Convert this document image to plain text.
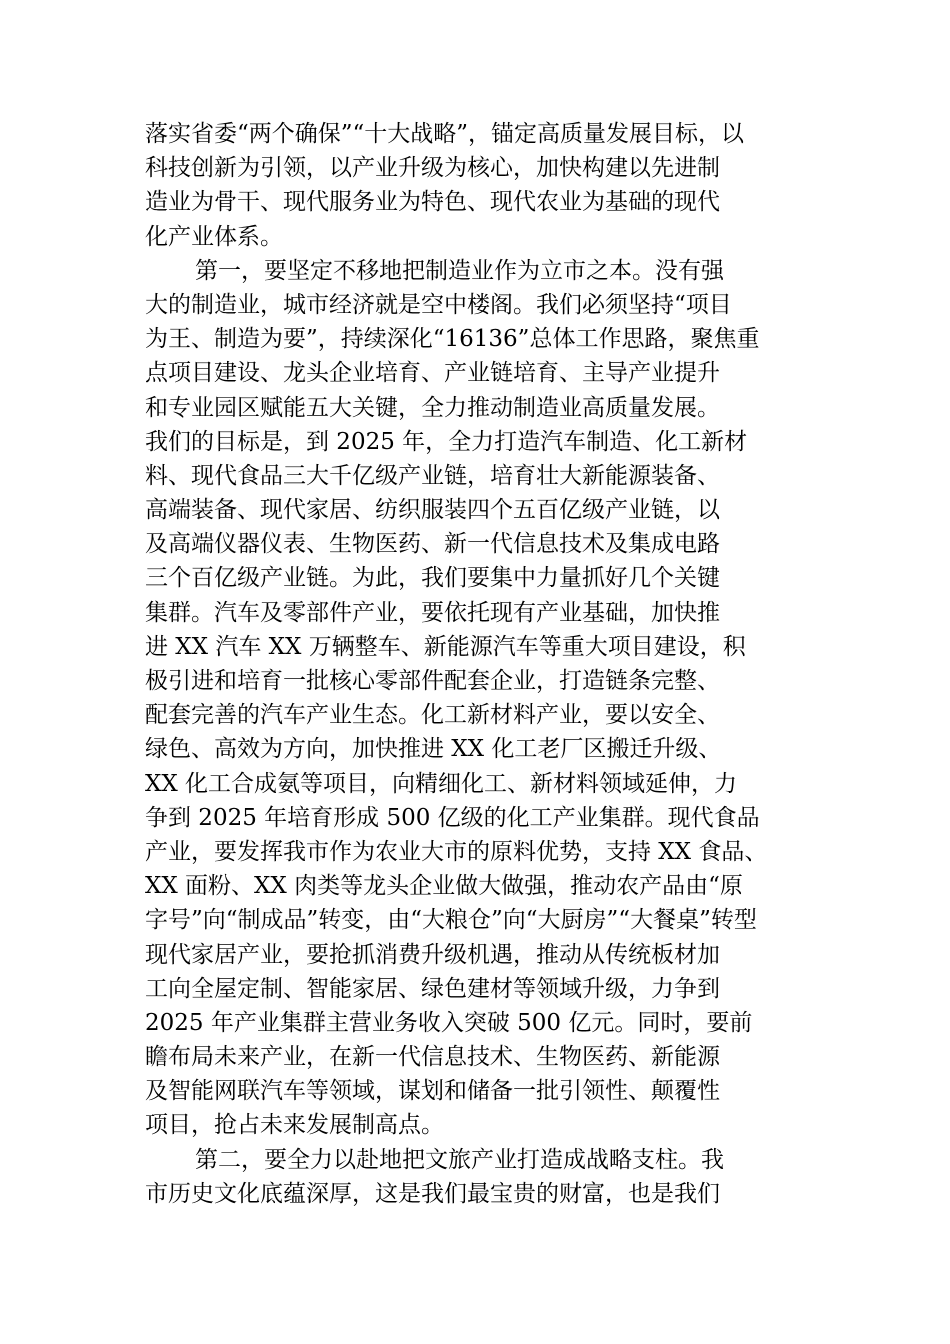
落实省委“两个确保”“十大战略”，锚定高质量发展目标，以
科技创新为引领，以产业升级为核心，加快构建以先进制
造业为骨干、现代服务业为特色、现代农业为基础的现代
化产业体系。
第一，要坚定不移地把制造业作为立市之本。没有强
大的制造业，城市经济就是空中楼阁。我们必须坚持“项目
为王、制造为要”，持续深化“16136”总体工作思路，聚焦重
点项目建设、龙头企业培育、产业链培育、主导产业提升
和专业园区赋能五大关键，全力推动制造业高质量发展。
我们的目标是，到 2025 年，全力打造汽车制造、化工新材
料、现代食品三大千亿级产业链，培育壮大新能源装备、
高端装备、现代家居、纺织服装四个五百亿级产业链，以
及高端仪器仪表、生物医药、新一代信息技术及集成电路
三个百亿级产业链。为此，我们要集中力量抓好几个关键
集群。汽车及零部件产业，要依托现有产业基础，加快推
进 XX 汽车 XX 万辆整车、新能源汽车等重大项目建设，积
极引进和培育一批核心零部件配套企业，打造链条完整、
配套完善的汽车产业生态。化工新材料产业，要以安全、
绿色、高效为方向，加快推进 XX 化工老厂区搬迁升级、
XX 化工合成氨等项目，向精细化工、新材料领域延伸，力
争到 2025 年培育形成 500 亿级的化工产业集群。现代食品
产业，要发挥我市作为农业大市的原料优势，支持 XX 食品、
XX 面粉、XX 肉类等龙头企业做大做强，推动农产品由“原
字号”向“制成品”转变，由“大粮仓”向“大厨房”“大餐桌”转型
现代家居产业，要抢抓消费升级机遇，推动从传统板材加
工向全屋定制、智能家居、绿色建材等领域升级，力争到
2025 年产业集群主营业务收入突破 500 亿元。同时，要前
瞻布局未来产业，在新一代信息技术、生物医药、新能源
及智能网联汽车等领域，谋划和储备一批引领性、颠覆性
项目，抢占未来发展制高点。
第二，要全力以赴地把文旅产业打造成战略支柱。我
市历史文化底蕴深厚，这是我们最宝贵的财富，也是我们
